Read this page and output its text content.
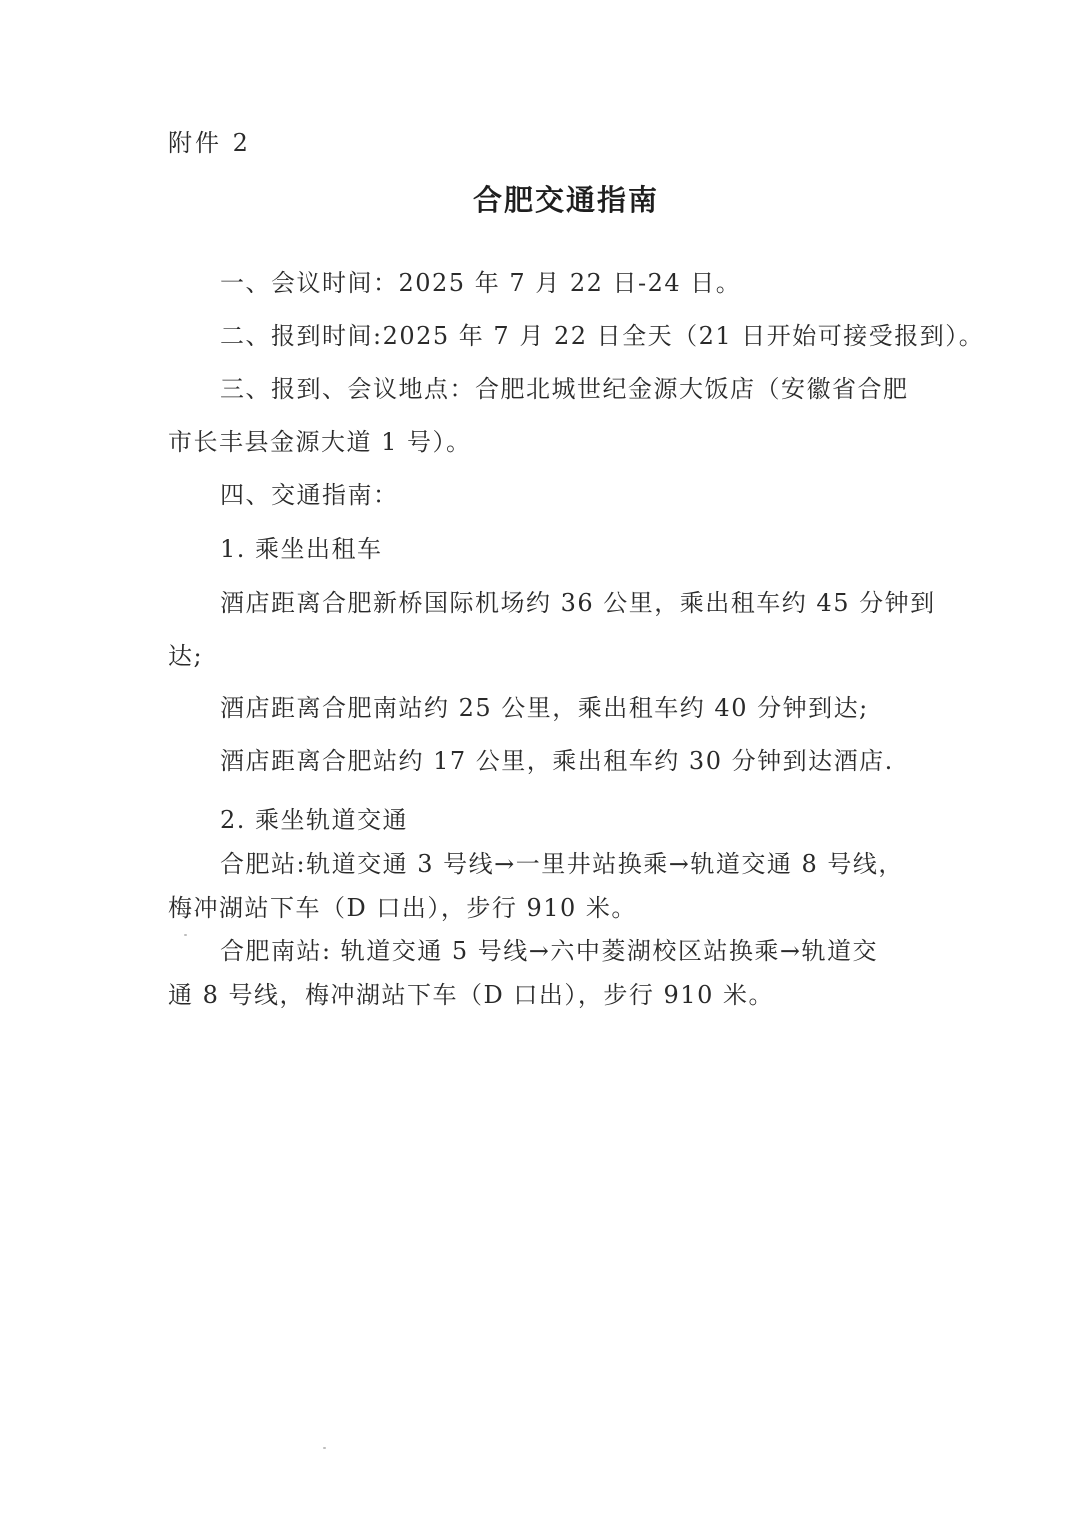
附件 2
合肥交通指南
一、会议时间：2025 年 7 月 22 日-24 日。
二、报到时间:2025 年 7 月 22 日全天（21 日开始可接受报到）。
三、报到、会议地点：合肥北城世纪金源大饭店（安徽省合肥
市长丰县金源大道 1 号）。
四、交通指南：
1. 乘坐出租车
酒店距离合肥新桥国际机场约 36 公里，乘出租车约 45 分钟到
达;
酒店距离合肥南站约 25 公里，乘出租车约 40 分钟到达;
酒店距离合肥站约 17 公里，乘出租车约 30 分钟到达酒店.
2. 乘坐轨道交通
合肥站:轨道交通 3 号线→一里井站换乘→轨道交通 8 号线，
梅冲湖站下车（D 口出），步行 910 米。
合肥南站: 轨道交通 5 号线→六中菱湖校区站换乘→轨道交
通 8 号线，梅冲湖站下车（D 口出），步行 910 米。
